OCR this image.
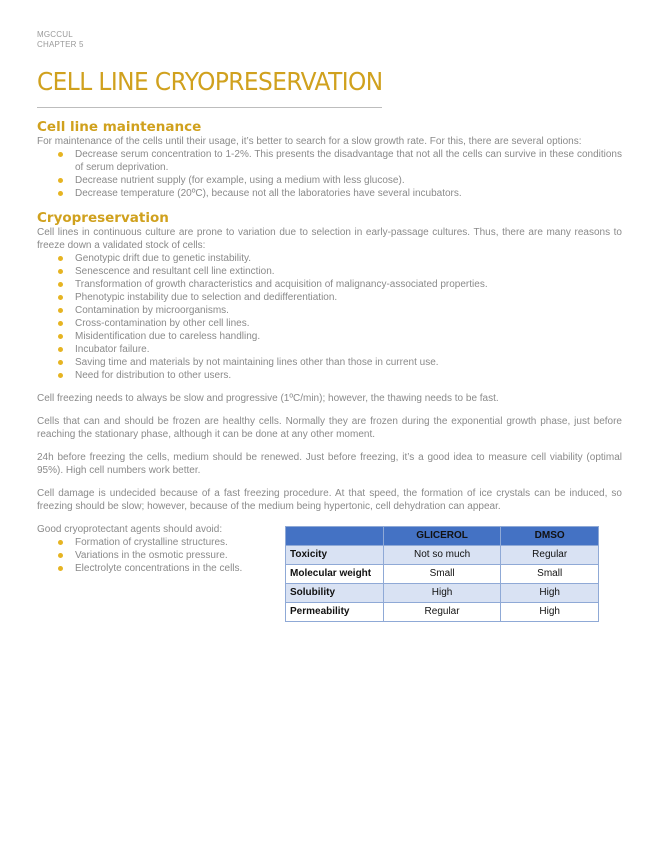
MGCCUL
CHAPTER 5
CELL LINE CRYOPRESERVATION
Cell line maintenance

For maintenance of the cells until their usage, it’s better to search for a slow growth rate. For this, there are several options:

Decrease serum concentration to 1-2%. This presents the disadvantage that not all the cells can survive in these conditions of serum deprivation.
Decrease nutrient supply (for example, using a medium with less glucose).
Decrease temperature (20ºC), because not all the laboratories have several incubators.
Cryopreservation

Cell lines in continuous culture are prone to variation due to selection in early-passage cultures. Thus, there are many reasons to freeze down a validated stock of cells:

Genotypic drift due to genetic instability.
Senescence and resultant cell line extinction.
Transformation of growth characteristics and acquisition of malignancy-associated properties.
Phenotypic instability due to selection and dedifferentiation.
Contamination by microorganisms.
Cross-contamination by other cell lines.
Misidentification due to careless handling.
Incubator failure.
Saving time and materials by not maintaining lines other than those in current use.
Need for distribution to other users.

Cell freezing needs to always be slow and progressive (1ºC/min); however, the thawing needs to be fast.

Cells that can and should be frozen are healthy cells. Normally they are frozen during the exponential growth phase, just before reaching the stationary phase, although it can be done at any other moment.

24h before freezing the cells, medium should be renewed. Just before freezing, it’s a good idea to measure cell viability (optimal 95%). High cell numbers work better.

Cell damage is undecided because of a fast freezing procedure. At that speed, the formation of ice crystals can be induced, so freezing should be slow; however, because of the medium being hypertonic, cell dehydration can appear.

Good cryoprotectant agents should avoid:

Formation of crystalline structures.
Variations in the osmotic pressure.
Electrolyte concentrations in the cells.
	GLICEROL	DMSO
Toxicity	Not so much	Regular
Molecular weight	Small	Small
Solubility	High	High
Permeability	Regular	High
